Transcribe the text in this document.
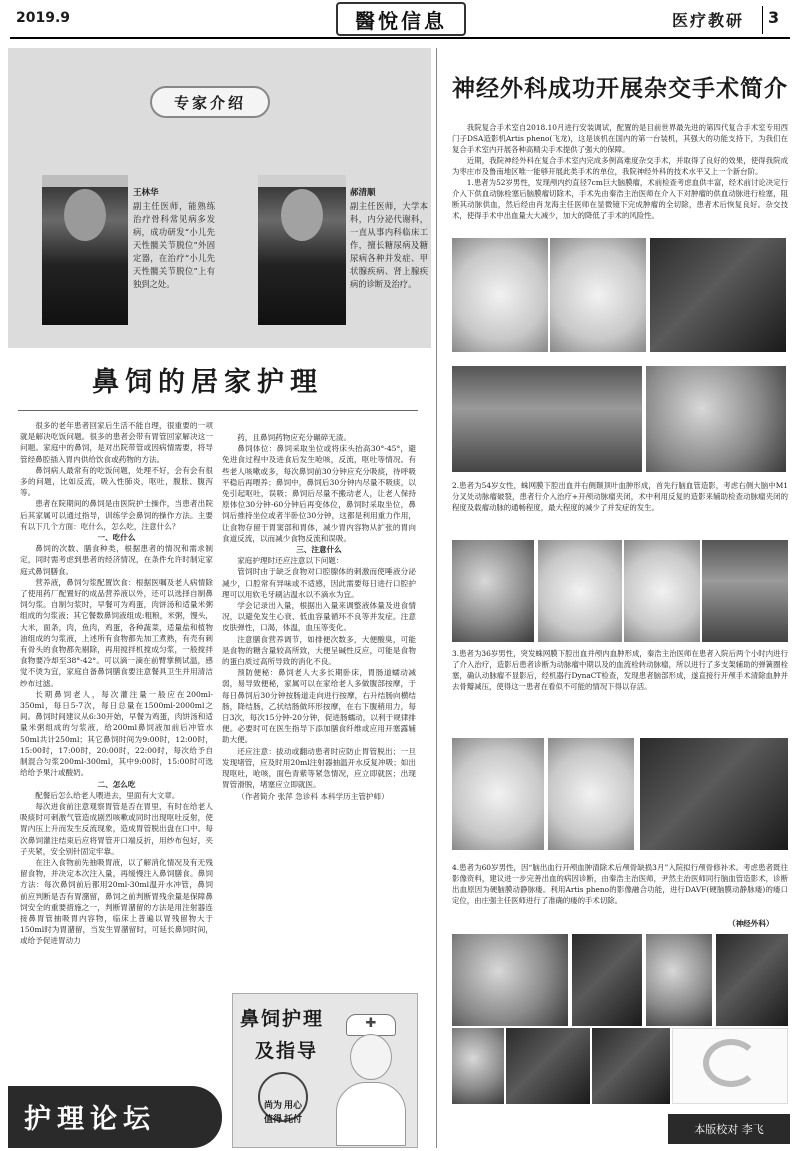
2019.9	醫悅信息	医疗教研 3
专家介绍
王林华
副主任医师，能熟练治疗骨科常见病多发病，成功研发“小儿先天性髋关节脱位”外固定器，在治疗“小儿先天性髋关节脱位”上有独到之处。
郝清顺
副主任医师，大学本科，内分泌代谢科，一直从事内科临床工作，擅长糖尿病及糖尿病各种并发症、甲状腺疾病、肾上腺疾病的诊断及治疗。
鼻饲的居家护理

很多的老年患者回家后生活不能自理，很重要的一项就是解决吃饭问题。很多的患者会带有胃管回家解决这一问题。家庭中的鼻饲，是对出院带管或因病情需要，将导管经鼻腔插入胃内供给饮食或药物的方法。

鼻饲病人最常有的吃饭问题，处理不好，会有会有很多的问题，比如反流，吸入性肺炎，呕吐，腹胀、腹泻等。

患者在院期间的鼻饲是由医院护士操作，当患者出院后其家属可以通过指导，训练学会鼻饲的操作方法。主要有以下几个方面：吃什么，怎么吃，注意什么？

一、吃什么

鼻饲的次数、膳食种类，根据患者的情况和需求制定，同时需考虑到患者的经济情况，在条件允许时制定家庭式鼻饲膳食。

营养液，鼻饲匀浆配置饮食：根据医嘱及老人病情除了使用药厂配置好的成品营养液以外，还可以选择自制鼻饲匀浆。自制匀浆时，早餐可为鸡蛋，肉饼汤和适量米粥组成的匀浆液；其它餐数鼻饲液组成:粗粮，米粥，馒头，大米，面条，肉，鱼肉，鸡蛋，各种蔬菜，适量盐和植物油组成的匀浆液，上述所有食物都先加工煮熟，有壳有刺有骨头的食物都先剔除，再用搅拌机搅成匀浆，一般搅拌食物要冷却至38°-42°。可以滴一滴在前臂掌侧试温，感觉不烫为宜，家庭自备鼻饲膳食要注意餐具卫生并用清洁纱布过滤。

长期鼻饲老人，每次灌注量一般应在200ml-350ml，每日5-7次，每日总量在1500ml-2000ml之间。鼻饲时间建议从6:30开始，早餐为鸡蛋，肉饼汤和适量米粥组成的匀浆液，给200ml鼻饲液加前后冲管水50ml共计250ml；其它鼻饲时间为9:00时，12:00时，15:00时，17:00时，20:00时，22:00时，每次给予自制混合匀浆200ml-300ml，其中9:00时，15:00时可选给给予果汁或酸奶。

二、怎么吃

配餐后怎么给老人喂进去，里面有大文章。

每次进食前注意观察胃管是否在胃里，有时在给老人吸痰时可刺激气管造成剧烈咳嗽或同时出现呕吐反射，使胃内压上升而发生反流现象，造成胃管脱出盘在口中。每次鼻饲灌注结束后应将胃管开口端反折，用纱布包好，夹子夹紧，安全别针固定牢靠。

在注入食物前先抽吸胃液，以了解消化情况及有无残留食物，并决定本次注入量，再缓慢注入鼻饲膳食。鼻饲方法：每次鼻饲前后都用20ml-30ml温开水冲管，鼻饲前应判断是否有胃潴留，鼻饲之前判断胃残余量是保障鼻饲安全的重要措施之一，判断胃潴留的方法是用注射器连接鼻胃管抽吸胃内容物，临床上普遍以胃残留物大于150ml时为胃潴留，当发生胃潴留时，可延长鼻饲时间，或给予促进胃动力

药，且鼻饲药物应充分碾碎无渣。

鼻饲体位：鼻饲采取坐位或将床头抬高30°-45°，避免进食过程中及进食后发生呛咳，反流，呕吐等情况。有些老人咳嗽或多，每次鼻饲前30分钟应充分吸痰，待呼吸平稳后再喂养；鼻饲中，鼻饲后30分钟内尽量不吸痰，以免引起呕吐，误吸；鼻饲后尽量不搬动老人，让老人保持原体位30分钟-60分钟后再变体位，鼻饲时采取坐位，鼻饲后推持坐位或者半卧位30分钟，这都是利用重力作用，让食物存留于胃窦部和胃体，减少胃内容物从扩张的胃向食道反流，以而减少食物反流和误吸。

三、注意什么

家庭护理时还应注意以下问题：

管饲时由于缺乏食物对口腔腺体的刺激而使唾液分泌减少，口腔常有异味或不适感，因此需要每日进行口腔护理可以用软毛牙刷沾温水以不滴水为宜。

学会记录出入量，根据出入量来调整液体量及进食情况，以避免发生心衰、低血容量循环不良等并发症。注意皮肤弹性，口渴，体温，血压等变化。

注意膳食营养调节，如排便次数多，大便酸臭，可能是食物的糖含量较高所致，大便呈碱性反应，可能是食物的蛋白质过高所导致的消化不良。

预防便秘：鼻饲老人大多长期卧床，胃肠道蠕动减弱，易导致便秘，家属可以在家给老人多做腹部按摩，于每日鼻饲后30分钟按肠道走向进行按摩，右升结肠向横结肠，降结肠，乙状结肠做环形按摩，在右下腹稍用力，每日3次，每次15分钟-20分钟，促进肠蠕动，以利于规律排便。必要时可在医生指导下添加膳食纤维或应用开塞露辅助大便。

还应注意：拔动或翻动患者时应防止胃管脱出；一旦发现堵管，应及时用20ml注射器抽温开水反复冲吸；如出现呕吐，呛咳，面色青紫等紧急情况，应立即就医；出现胃管滑脱，堵塞应立即就医。

（作者简介 张萍 急诊科 本科学历主管护师）

鼻饲护理
及指导
✚
尚为 用心
值得 托付
护理论坛
神经外科成功开展杂交手术简介

我院复合手术室自2018.10月进行安装调试，配置的是目前世界最先进的第四代复合手术室专用西门子DSA造影机Artis pheno(飞龙)，这是该机在国内的第一台装机，其强大的功能支持下，为我们在复合手术室内开展各种高精尖手术提供了强大的保障。

近期，我院神经外科在复合手术室内完成多例高难度杂交手术，并取得了良好的效果，使得我院成为枣庄市及鲁南地区唯一能够开展此类手术的单位，我院神经外科的技术水平又上一个新台阶。

1.患者为52岁男性，发现颅内约直径7cm巨大脑膜瘤，术前检查考虑血供丰富，经术前讨论决定行介入下供血动脉栓塞后脑膜瘤切除术，手术先由秦浩主治医师在介入下对肿瘤的供血动脉进行栓塞，阻断其动脉供血，然后经由肖龙海主任医师在显微镜下完成肿瘤的全切除，患者术后恢复良好。杂交技术，使得手术中出血量大大减少，加大的降低了手术的风险性。

2.患者为54岁女性，蛛网膜下腔出血并右侧颞顶叶血肿形成，首先行脑血管造影，考虑右侧大脑中M1分叉处动脉瘤破裂，患者行介入治疗+开颅动脉瘤夹闭，术中利用反复的造影来辅助检查动脉瘤夹闭的程度及载瘤动脉的通畅程度，最大程度的减少了并发症的发生。
3.患者为36岁男性，突发蛛网膜下腔出血并颅内血肿形成，秦浩主治医师在患者入院后两个小时内进行了介入治疗，造影后患者诊断为动脉瘤中期以及的血流栓转动脉瘤，所以进行了多支架辅助的弹簧圈栓塞，确认动脉瘤不显影后，经机器行DynaCT检查，发现患者脑部形成，遂直接行开颅手术清除血肿并去骨瓣减压，使得这一患者在看似不可能的情况下得以存活。
4.患者为60岁男性，因“脑出血行开颅血肿清除术后颅骨缺损3月”入院拟行颅骨修补术。考虑患者既往影像资料，建议进一步完善出血的病因诊断，由秦浩主治医师，尹然主治医师同行脑血管造影术，诊断出血原因为硬脑膜动静脉瘘。利用Artis pheno的影像融合功能，进行DAVF(硬脑膜动静脉瘘)的瘘口定位，由庄强主任医师进行了准确的瘘的手术切除。
（神经外科）
本版校对 李飞
